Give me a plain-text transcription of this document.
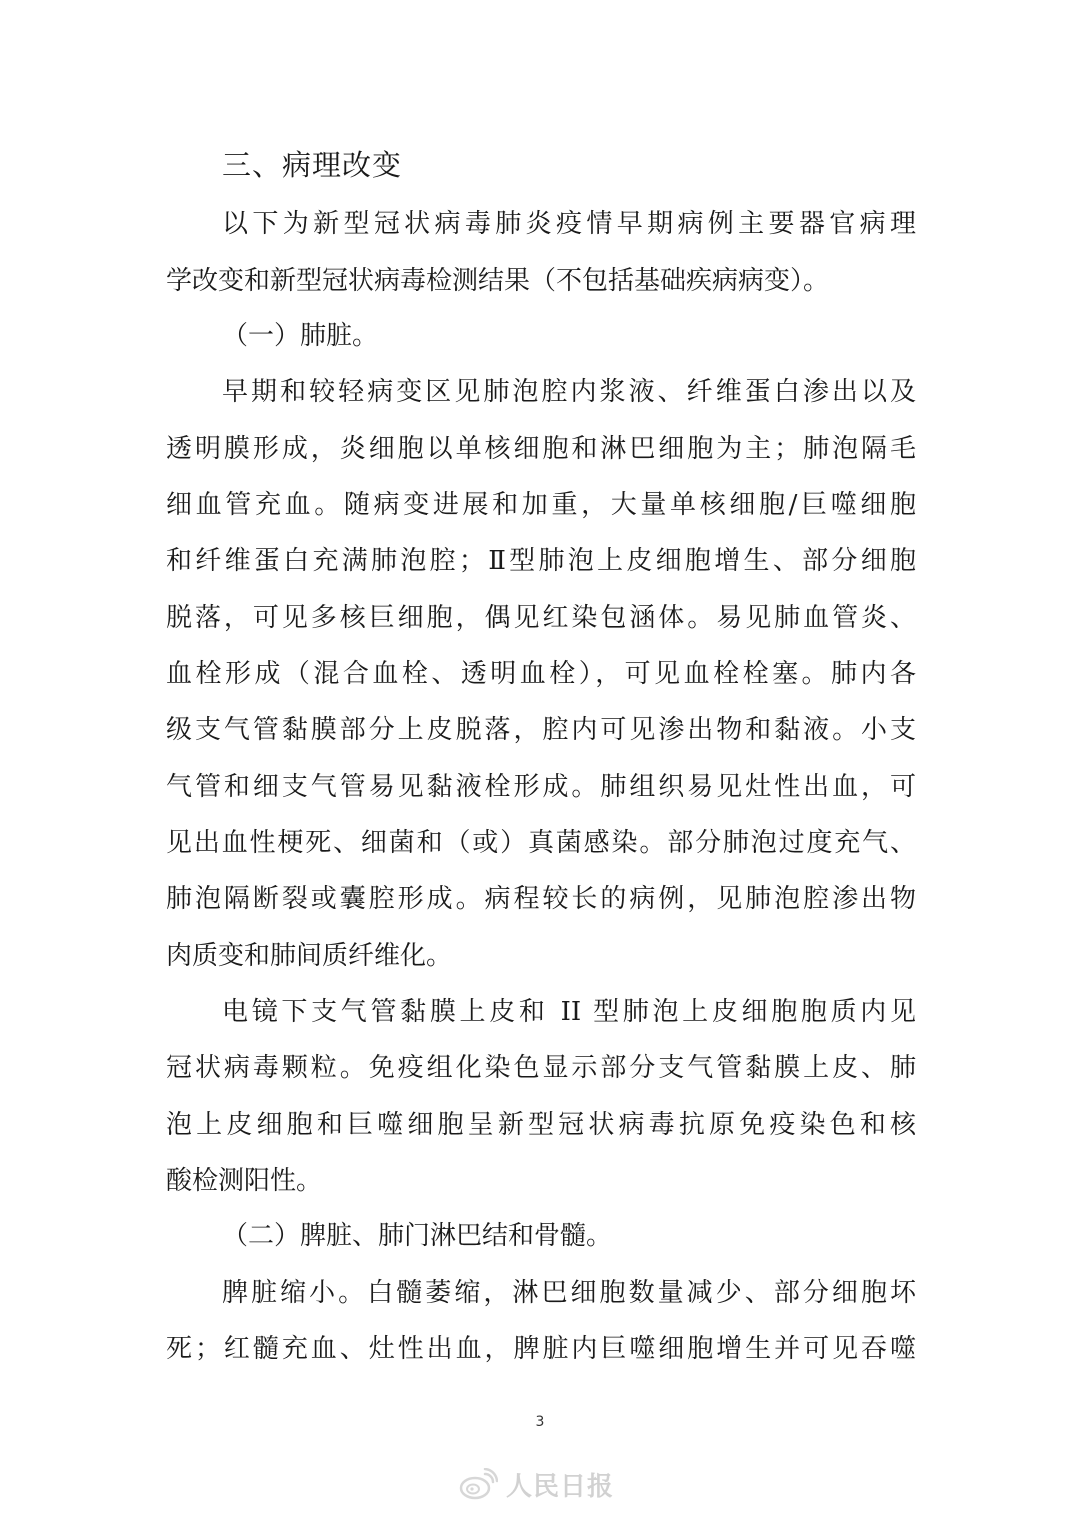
三、病理改变

以下为新型冠状病毒肺炎疫情早期病例主要器官病理

学改变和新型冠状病毒检测结果（不包括基础疾病病变）。

（一）肺脏。

早期和较轻病变区见肺泡腔内浆液、纤维蛋白渗出以及

透明膜形成，炎细胞以单核细胞和淋巴细胞为主；肺泡隔毛

细血管充血。随病变进展和加重，大量单核细胞/巨噬细胞

和纤维蛋白充满肺泡腔；Ⅱ型肺泡上皮细胞增生、部分细胞

脱落，可见多核巨细胞，偶见红染包涵体。易见肺血管炎、

血栓形成（混合血栓、透明血栓），可见血栓栓塞。肺内各

级支气管黏膜部分上皮脱落，腔内可见渗出物和黏液。小支

气管和细支气管易见黏液栓形成。肺组织易见灶性出血，可

见出血性梗死、细菌和（或）真菌感染。部分肺泡过度充气、

肺泡隔断裂或囊腔形成。病程较长的病例，见肺泡腔渗出物

肉质变和肺间质纤维化。

电镜下支气管黏膜上皮和 II 型肺泡上皮细胞胞质内见

冠状病毒颗粒。免疫组化染色显示部分支气管黏膜上皮、肺

泡上皮细胞和巨噬细胞呈新型冠状病毒抗原免疫染色和核

酸检测阳性。

（二）脾脏、肺门淋巴结和骨髓。

脾脏缩小。白髓萎缩，淋巴细胞数量减少、部分细胞坏

死；红髓充血、灶性出血，脾脏内巨噬细胞增生并可见吞噬

3
人民日报
